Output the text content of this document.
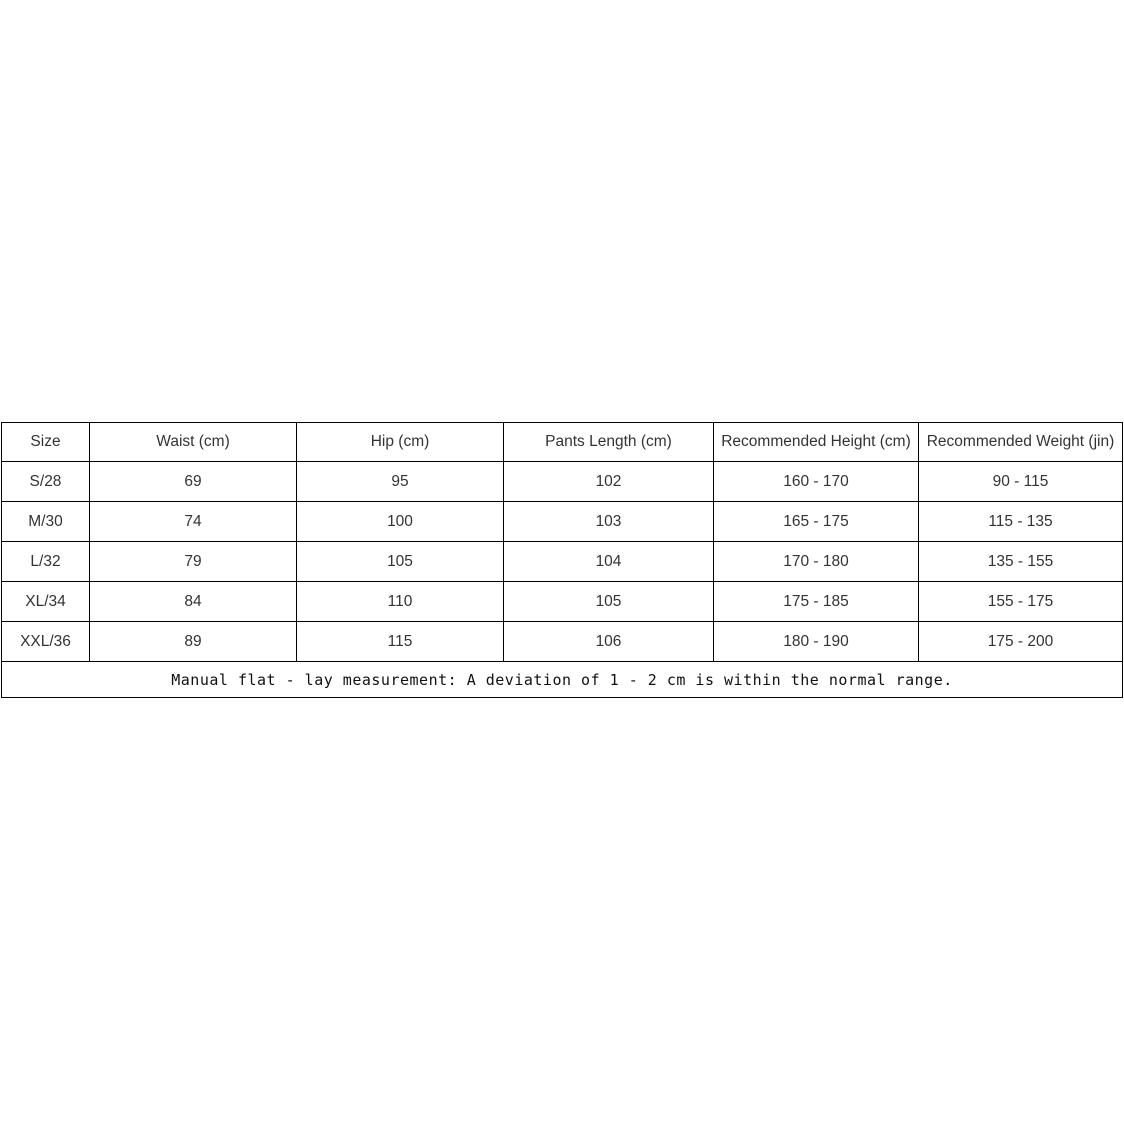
Size	Waist (cm)	Hip (cm)	Pants Length (cm)	Recommended Height (cm)	Recommended Weight (jin)
S/28	69	95	102	160 - 170	90 - 115
M/30	74	100	103	165 - 175	115 - 135
L/32	79	105	104	170 - 180	135 - 155
XL/34	84	110	105	175 - 185	155 - 175
XXL/36	89	115	106	180 - 190	175 - 200
Manual flat - lay measurement: A deviation of 1 - 2 cm is within the normal range.					
